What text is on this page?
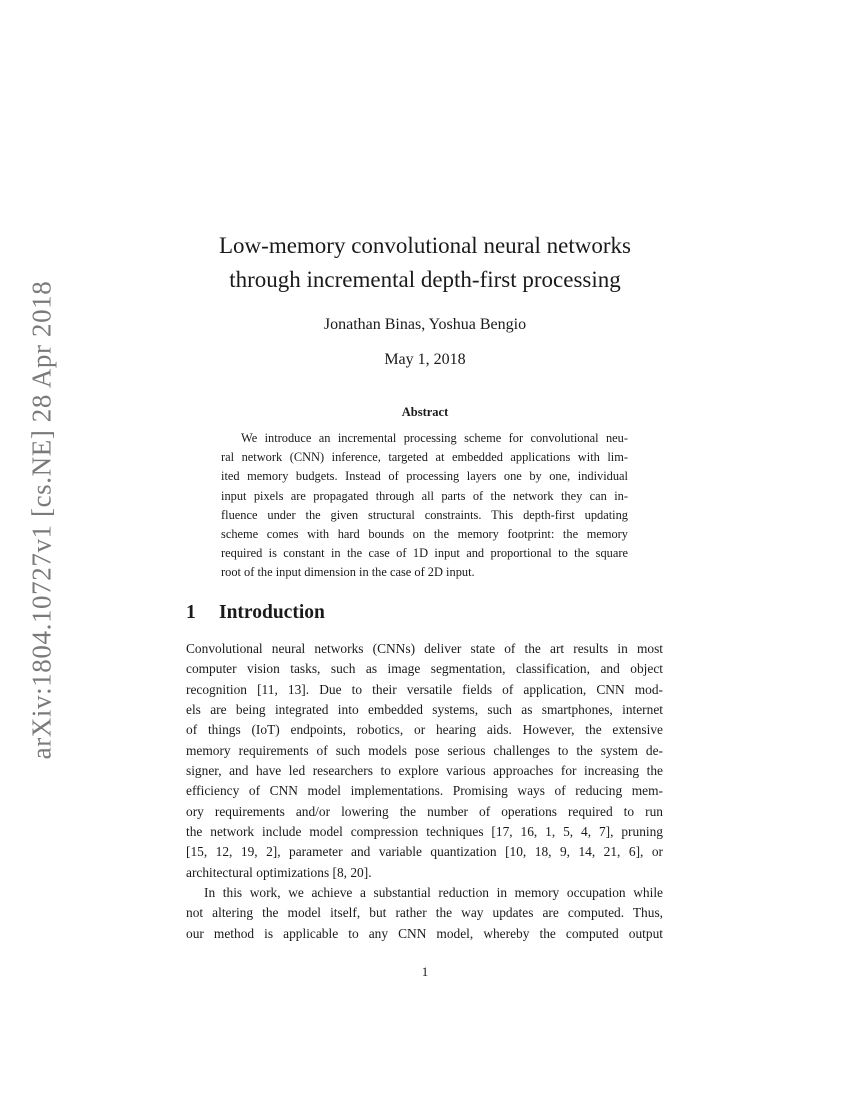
arXiv:1804.10727v1 [cs.NE] 28 Apr 2018
Low-memory convolutional neural networks
through incremental depth-first processing
Jonathan Binas, Yoshua Bengio
May 1, 2018
Abstract
We introduce an incremental processing scheme for convolutional neu-
ral network (CNN) inference, targeted at embedded applications with lim-
ited memory budgets. Instead of processing layers one by one, individual
input pixels are propagated through all parts of the network they can in-
fluence under the given structural constraints. This depth-first updating
scheme comes with hard bounds on the memory footprint: the memory
required is constant in the case of 1D input and proportional to the square
root of the input dimension in the case of 2D input.
1 Introduction
Convolutional neural networks (CNNs) deliver state of the art results in most
computer vision tasks, such as image segmentation, classification, and object
recognition [11, 13]. Due to their versatile fields of application, CNN mod-
els are being integrated into embedded systems, such as smartphones, internet
of things (IoT) endpoints, robotics, or hearing aids. However, the extensive
memory requirements of such models pose serious challenges to the system de-
signer, and have led researchers to explore various approaches for increasing the
efficiency of CNN model implementations. Promising ways of reducing mem-
ory requirements and/or lowering the number of operations required to run
the network include model compression techniques [17, 16, 1, 5, 4, 7], pruning
[15, 12, 19, 2], parameter and variable quantization [10, 18, 9, 14, 21, 6], or
architectural optimizations [8, 20].
In this work, we achieve a substantial reduction in memory occupation while
not altering the model itself, but rather the way updates are computed. Thus,
our method is applicable to any CNN model, whereby the computed output
1
